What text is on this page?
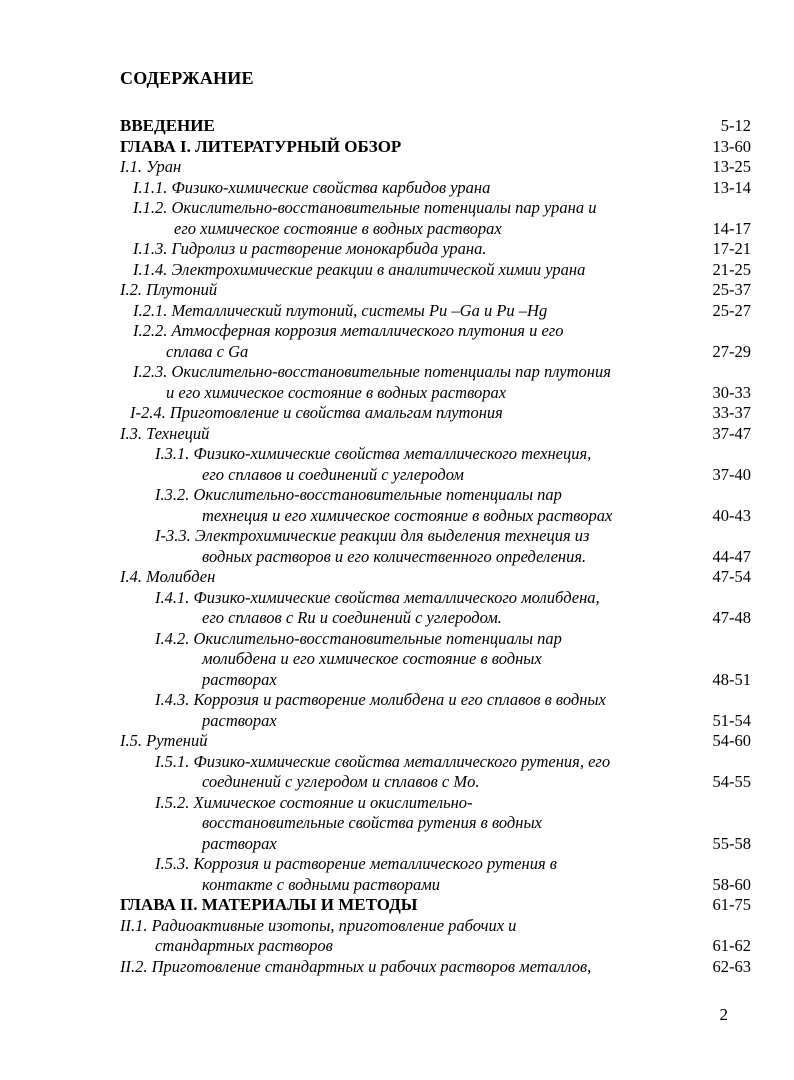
СОДЕРЖАНИЕ
ВВЕДЕНИЕ	5-12
ГЛАВА I. ЛИТЕРАТУРНЫЙ ОБЗОР	13-60
I.1. Уран	13-25
I.1.1. Физико-химические свойства карбидов урана	13-14
I.1.2. Окислительно-восстановительные потенциалы пар урана и
его химическое состояние в водных растворах	14-17
I.1.3. Гидролиз и растворение монокарбида урана.	17-21
I.1.4. Электрохимические реакции в аналитической химии урана	21-25
I.2. Плутоний	25-37
I.2.1. Металлический плутоний, системы Pu –Ga и Pu –Hg	25-27
I.2.2. Атмосферная коррозия металлического плутония и его
сплава с Ga	27-29
I.2.3. Окислительно-восстановительные потенциалы пар плутония
и его химическое состояние в водных растворах	30-33
I-2.4. Приготовление и свойства амальгам плутония	33-37
I.3. Технеций	37-47
I.3.1. Физико-химические свойства металлического технеция,
его сплавов и соединений с углеродом	37-40
I.3.2. Окислительно-восстановительные потенциалы пар
технеция и его химическое состояние в водных растворах	40-43
I-3.3. Электрохимические реакции для выделения технеция из
водных растворов и его количественного определения.	44-47
I.4. Молибден	47-54
I.4.1. Физико-химические свойства металлического молибдена,
его сплавов с Ru и соединений с углеродом.	47-48
I.4.2. Окислительно-восстановительные потенциалы пар
молибдена и его химическое состояние в водных
растворах	48-51
I.4.3. Коррозия и растворение молибдена и его сплавов в водных
растворах	51-54
I.5. Рутений	54-60
I.5.1. Физико-химические свойства металлического рутения, его
соединений с углеродом и сплавов с Mo.	54-55
I.5.2. Химическое состояние и окислительно-
восстановительные свойства рутения в водных
растворах	55-58
I.5.3. Коррозия и растворение металлического рутения в
контакте с водными растворами	58-60
ГЛАВА II. МАТЕРИАЛЫ И МЕТОДЫ	61-75
II.1. Радиоактивные изотопы, приготовление рабочих и
стандартных растворов	61-62
II.2. Приготовление стандартных и рабочих растворов металлов,	62-63
2
